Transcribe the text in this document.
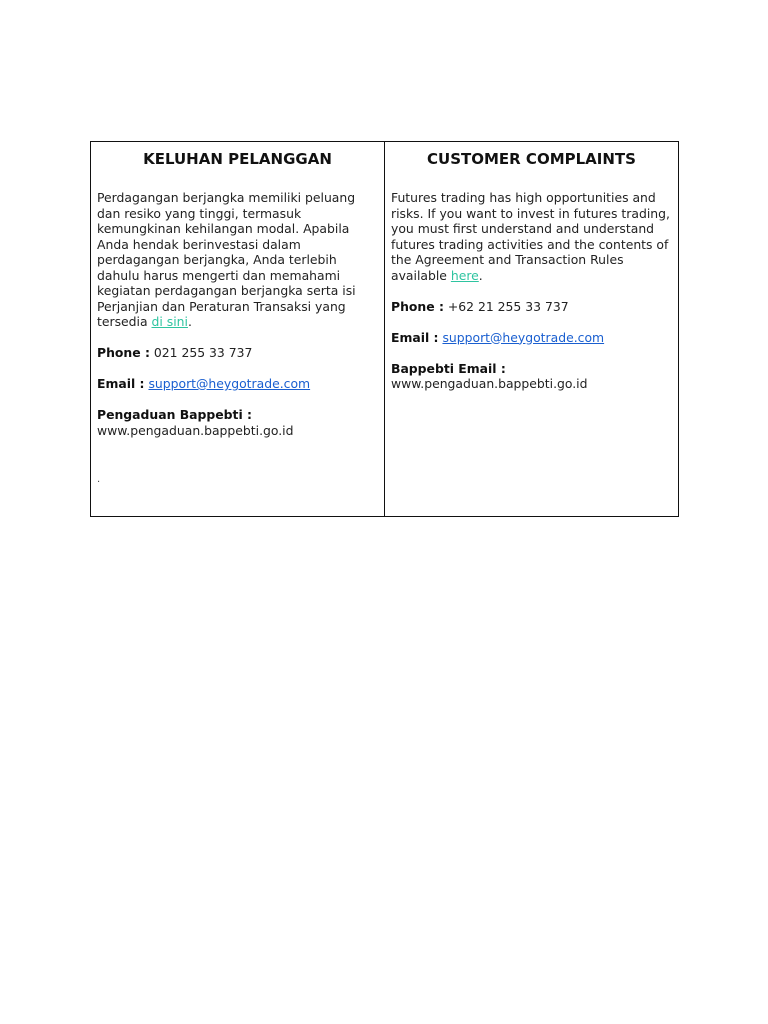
KELUHAN PELANGGAN

Perdagangan berjangka memiliki peluang dan resiko yang tinggi, termasuk kemungkinan kehilangan modal. Apabila Anda hendak berinvestasi dalam perdagangan berjangka, Anda terlebih dahulu harus mengerti dan memahami kegiatan perdagangan berjangka serta isi Perjanjian dan Peraturan Transaksi yang tersedia di sini.

Phone : 021 255 33 737

Email : support@heygotrade.com

Pengaduan Bappebti :
www.pengaduan.bappebti.go.id

.
CUSTOMER COMPLAINTS

Futures trading has high opportunities and risks. If you want to invest in futures trading, you must first understand and understand futures trading activities and the contents of the Agreement and Transaction Rules available here.

Phone : +62 21 255 33 737

Email : support@heygotrade.com

Bappebti Email :
www.pengaduan.bappebti.go.id
